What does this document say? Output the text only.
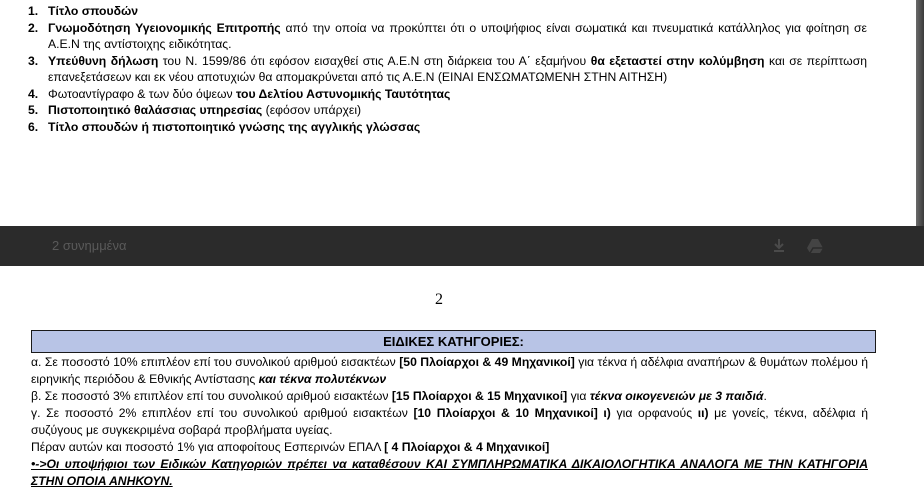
1. Τίτλο σπουδών
2. Γνωμοδότηση Υγειονομικής Επιτροπής από την οποία να προκύπτει ότι ο υποψήφιος είναι σωματικά και πνευματικά κατάλληλος για φοίτηση σε Α.Ε.Ν της αντίστοιχης ειδικότητας.
3. Υπεύθυνη δήλωση του Ν. 1599/86 ότι εφόσον εισαχθεί στις Α.Ε.Ν στη διάρκεια του Α΄ εξαμήνου θα εξεταστεί στην κολύμβηση και σε περίπτωση επανεξετάσεων και εκ νέου αποτυχιών θα απομακρύνεται από τις Α.Ε.Ν (ΕΙΝΑΙ ΕΝΣΩΜΑΤΩΜΕΝΗ ΣΤΗΝ ΑΙΤΗΣΗ)
4. Φωτοαντίγραφο & των δύο όψεων του Δελτίου Αστυνομικής Ταυτότητας
5. Πιστοποιητικό θαλάσσιας υπηρεσίας (εφόσον υπάρχει)
6. Τίτλο σπουδών ή πιστοποιητικό γνώσης της αγγλικής γλώσσας
2 συνημμένα
2
ΕΙΔΙΚΕΣ ΚΑΤΗΓΟΡΙΕΣ:

α. Σε ποσοστό 10% επιπλέον επί του συνολικού αριθμού εισακτέων [50 Πλοίαρχοι & 49 Μηχανικοί] για τέκνα ή αδέλφια αναπήρων & θυμάτων πολέμου ή ειρηνικής περιόδου & Εθνικής Αντίστασης και τέκνα πολυτέκνων

β. Σε ποσοστό 3% επιπλέον επί του συνολικού αριθμού εισακτέων [15 Πλοίαρχοι & 15 Μηχανικοί] για τέκνα οικογενειών με 3 παιδιά.

γ. Σε ποσοστό 2% επιπλέον επί του συνολικού αριθμού εισακτέων [10 Πλοίαρχοι & 10 Μηχανικοί] ι) για ορφανούς ιι) με γονείς, τέκνα, αδέλφια ή συζύγους με συγκεκριμένα σοβαρά προβλήματα υγείας.

Πέραν αυτών και ποσοστό 1% για αποφοίτους Εσπερινών ΕΠΑΛ [ 4 Πλοίαρχοι & 4 Μηχανικοί]

•->Οι υποψήφιοι των Ειδικών Κατηγοριών πρέπει να καταθέσουν ΚΑΙ ΣΥΜΠΛΗΡΩΜΑΤΙΚΑ ΔΙΚΑΙΟΛΟΓΗΤΙΚΑ ΑΝΑΛΟΓΑ ΜΕ ΤΗΝ ΚΑΤΗΓΟΡΙΑ ΣΤΗΝ ΟΠΟΙΑ ΑΝΗΚΟΥΝ.
